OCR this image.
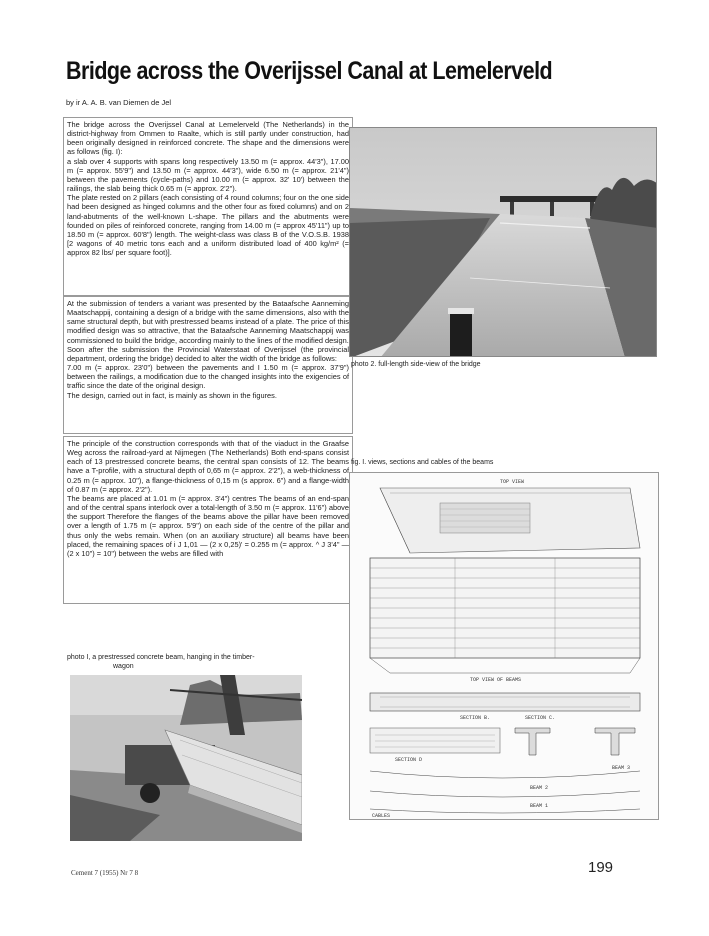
Bridge across the Overijssel Canal at Lemelerveld
by ir A. A. B. van Diemen de Jel

The bridge across the Overijssel Canal at Lemelerveld (The Netherlands) in the district-highway from Ommen to Raalte, which is still partly under construction, had been originally designed in reinforced concrete. The shape and the dimensions were as follows (fig. I):

a slab over 4 supports with spans long respectively 13.50 m (= approx. 44'3"), 17.00 m (= approx. 55'9") and 13.50 m (= approx. 44'3"), wide 6.50 m (= approx. 21'4") between the pavements (cycle-paths) and 10.00 m (= approx. 32' 10') between the railings, the slab being thick 0.65 m (= approx. 2'2").

The plate rested on 2 pillars (each consisting of 4 round columns; four on the one side had been designed as hinged columns and the other four as fixed columns) and on 2 land-abutments of the well-known L-shape. The pillars and the abutments were founded on piles of reinforced concrete, ranging from 14.00 m (= approx 45'11") up to 18.50 m (= approx. 60'8") length. The weight-class was class B of the V.O.S.B. 1938 [2 wagons of 40 metric tons each and a uniform distributed load of 400 kg/m² (= approx 82 lbs/ per square foot)].

At the submission of tenders a variant was presented by the Bataafsche Aanneming Maatschappij, containing a design of a bridge with the same dimensions, also with the same structural depth, but with prestressed beams instead of a plate. The price of this modified design was so attractive, that the Bataafsche Aanneming Maatschappij was commissioned to build the bridge, according mainly to the lines of the modified design.

Soon after the submission the Provincial Waterstaat of Overijssel (the provincial department, ordering the bridge) decided to alter the width of the bridge as follows:

7.00 m (= approx. 23'0") between the pavements and I 1.50 m (= approx. 37'9") between the railings, a modification due to the changed insights into the exigencies of traffic since the date of the original design.

The design, carried out in fact, is mainly as shown in the figures.

The principle of the construction corresponds with that of the viaduct in the Graafse Weg across the railroad-yard at Nijmegen (The Netherlands) Both end-spans consist each of 13 prestressed concrete beams, the central span consists of 12. The beams have a T-profile, with a structural depth of 0,65 m (= approx. 2'2"), a web-thickness of 0.25 m (= approx. 10"), a flange-thickness of 0,15 m (s approx. 6") and a flange-width of 0.87 m (= approx. 2'2").

The beams are placed at 1.01 m (= approx. 3'4") centres The beams of an end-span and of the central spans interlock over a total-length of 3.50 m (= approx. 11'6") above the support Therefore the flanges of the beams above the pillar have been removed over a length of 1.75 m (= approx. 5'9") on each side of the centre of the pillar and thus only the webs remain. When (on an auxiliary structure) all beams have been placed, the remaining spaces of i J 1,01 — (2 x 0,25)' = 0.255 m (= approx. ^ J 3'4" — (2 x 10") = 10") between the webs are filled with

photo 2. full-length side-view of the bridge
fig. I. views, sections and cables of the beams
TOP VIEW
TOP VIEW OF BEAMS
SECTION B.	SECTION C.
SECTION D
BEAM 3
BEAM 2
BEAM 1
CABLES
photo I, a prestressed concrete beam, hanging in the timber-
wagon
Cement 7 (1955) Nr 7 8	199
